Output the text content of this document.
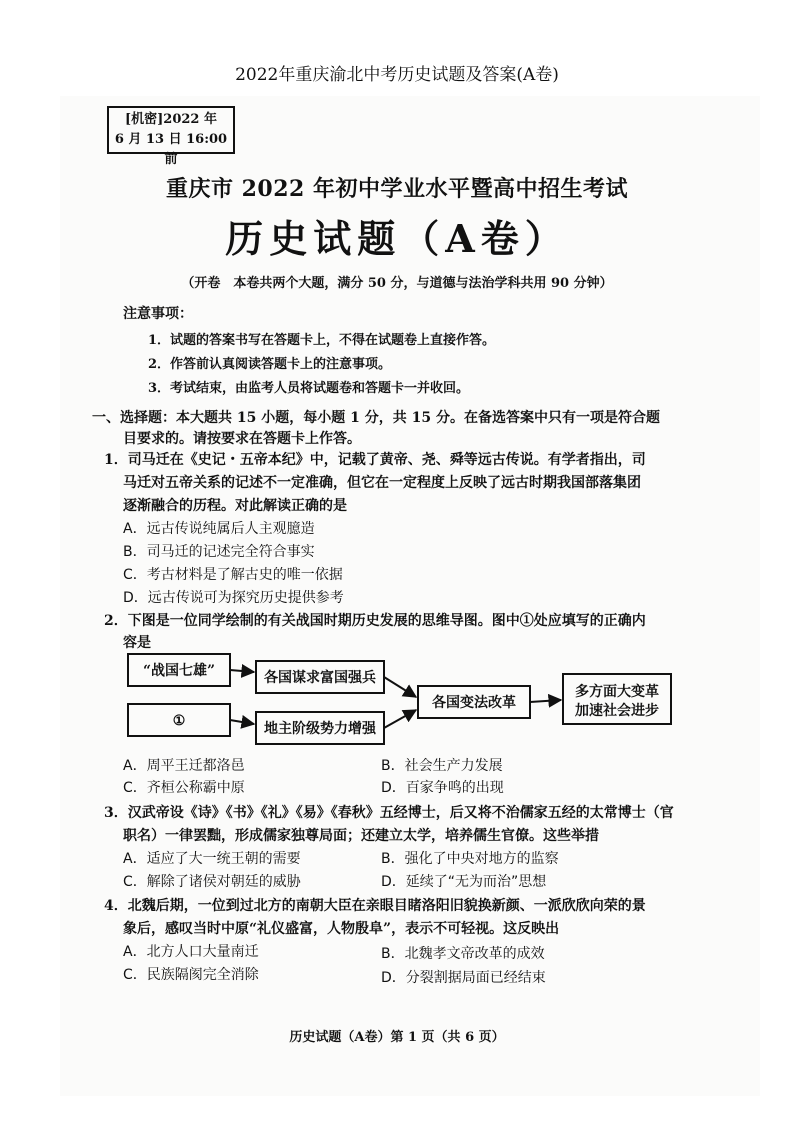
2022年重庆渝北中考历史试题及答案(A卷)
[机密]2022 年
6 月 13 日 16:00 前
重庆市 2022 年初中学业水平暨高中招生考试
历史试题（A卷）
（开卷　本卷共两个大题，满分 50 分，与道德与法治学科共用 90 分钟）
注意事项：
1．试题的答案书写在答题卡上，不得在试题卷上直接作答。
2．作答前认真阅读答题卡上的注意事项。
3．考试结束，由监考人员将试题卷和答题卡一并收回。
一、选择题：本大题共 15 小题，每小题 1 分，共 15 分。在备选答案中只有一项是符合题
目要求的。请按要求在答题卡上作答。
1．司马迁在《史记・五帝本纪》中，记载了黄帝、尧、舜等远古传说。有学者指出，司
马迁对五帝关系的记述不一定准确，但它在一定程度上反映了远古时期我国部落集团
逐渐融合的历程。对此解读正确的是
A．远古传说纯属后人主观臆造
B．司马迁的记述完全符合事实
C．考古材料是了解古史的唯一依据
D．远古传说可为探究历史提供参考
2．下图是一位同学绘制的有关战国时期历史发展的思维导图。图中①处应填写的正确内
容是
“战国七雄”	各国谋求富国强兵
①	地主阶级势力增强
各国变法改革
多方面大变革
加速社会进步
A．周平王迁都洛邑	B．社会生产力发展
C．齐桓公称霸中原	D．百家争鸣的出现
3．汉武帝设《诗》《书》《礼》《易》《春秋》五经博士，后又将不治儒家五经的太常博士（官
职名）一律罢黜，形成儒家独尊局面；还建立太学，培养儒生官僚。这些举措
A．适应了大一统王朝的需要	B．强化了中央对地方的监察
C．解除了诸侯对朝廷的威胁	D．延续了“无为而治”思想
4．北魏后期，一位到过北方的南朝大臣在亲眼目睹洛阳旧貌换新颜、一派欣欣向荣的景
象后，感叹当时中原“礼仪盛富，人物殷阜”，表示不可轻视。这反映出
A．北方人口大量南迁	B．北魏孝文帝改革的成效
C．民族隔阂完全消除	D．分裂割据局面已经结束
历史试题（A卷）第 1 页（共 6 页）
